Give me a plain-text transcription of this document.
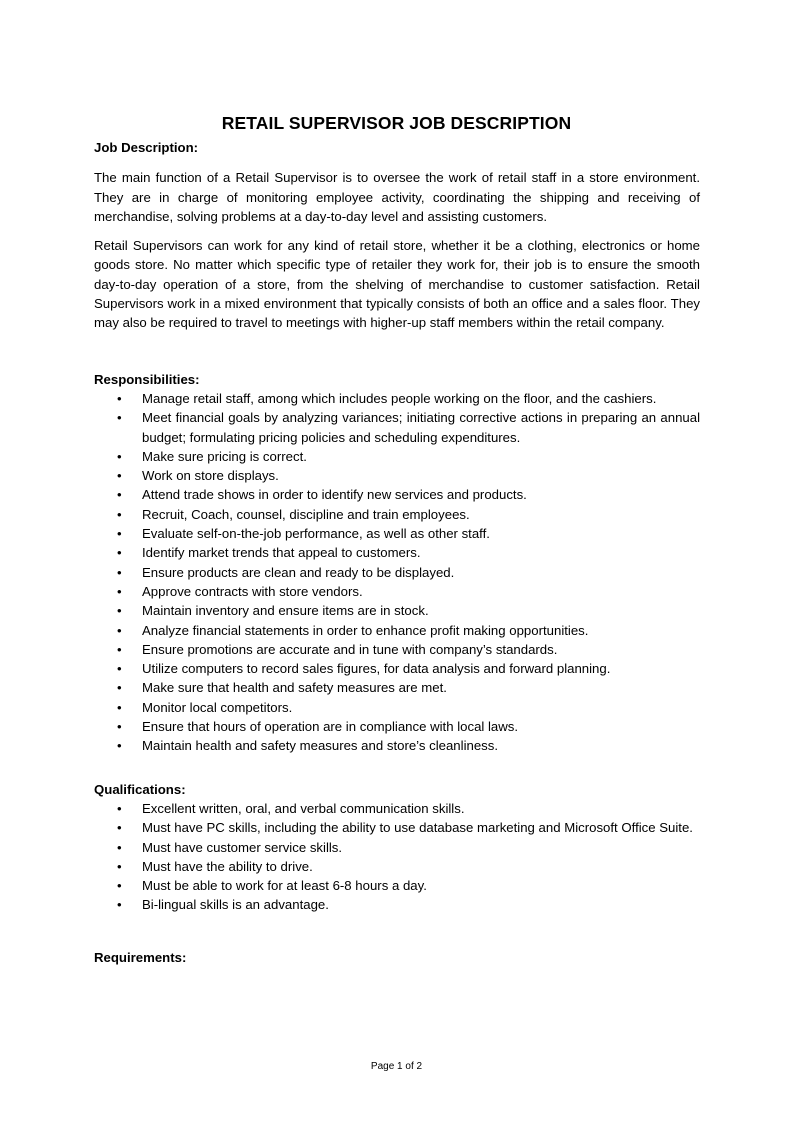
RETAIL SUPERVISOR JOB DESCRIPTION

Job Description:

The main function of a Retail Supervisor is to oversee the work of retail staff in a store environment. They are in charge of monitoring employee activity, coordinating the shipping and receiving of merchandise, solving problems at a day-to-day level and assisting customers.

Retail Supervisors can work for any kind of retail store, whether it be a clothing, electronics or home goods store. No matter which specific type of retailer they work for, their job is to ensure the smooth day-to-day operation of a store, from the shelving of merchandise to customer satisfaction. Retail Supervisors work in a mixed environment that typically consists of both an office and a sales floor. They may also be required to travel to meetings with higher-up staff members within the retail company.

Responsibilities:

• Manage retail staff, among which includes people working on the floor, and the cashiers.
• Meet financial goals by analyzing variances; initiating corrective actions in preparing an annual budget; formulating pricing policies and scheduling expenditures.
• Make sure pricing is correct.
• Work on store displays.
• Attend trade shows in order to identify new services and products.
• Recruit, Coach, counsel, discipline and train employees.
• Evaluate self-on-the-job performance, as well as other staff.
• Identify market trends that appeal to customers.
• Ensure products are clean and ready to be displayed.
• Approve contracts with store vendors.
• Maintain inventory and ensure items are in stock.
• Analyze financial statements in order to enhance profit making opportunities.
• Ensure promotions are accurate and in tune with company’s standards.
• Utilize computers to record sales figures, for data analysis and forward planning.
• Make sure that health and safety measures are met.
• Monitor local competitors.
• Ensure that hours of operation are in compliance with local laws.
• Maintain health and safety measures and store’s cleanliness.

Qualifications:

• Excellent written, oral, and verbal communication skills.
• Must have PC skills, including the ability to use database marketing and Microsoft Office Suite.
• Must have customer service skills.
• Must have the ability to drive.
• Must be able to work for at least 6-8 hours a day.
• Bi-lingual skills is an advantage.

Requirements:

Page 1 of 2
